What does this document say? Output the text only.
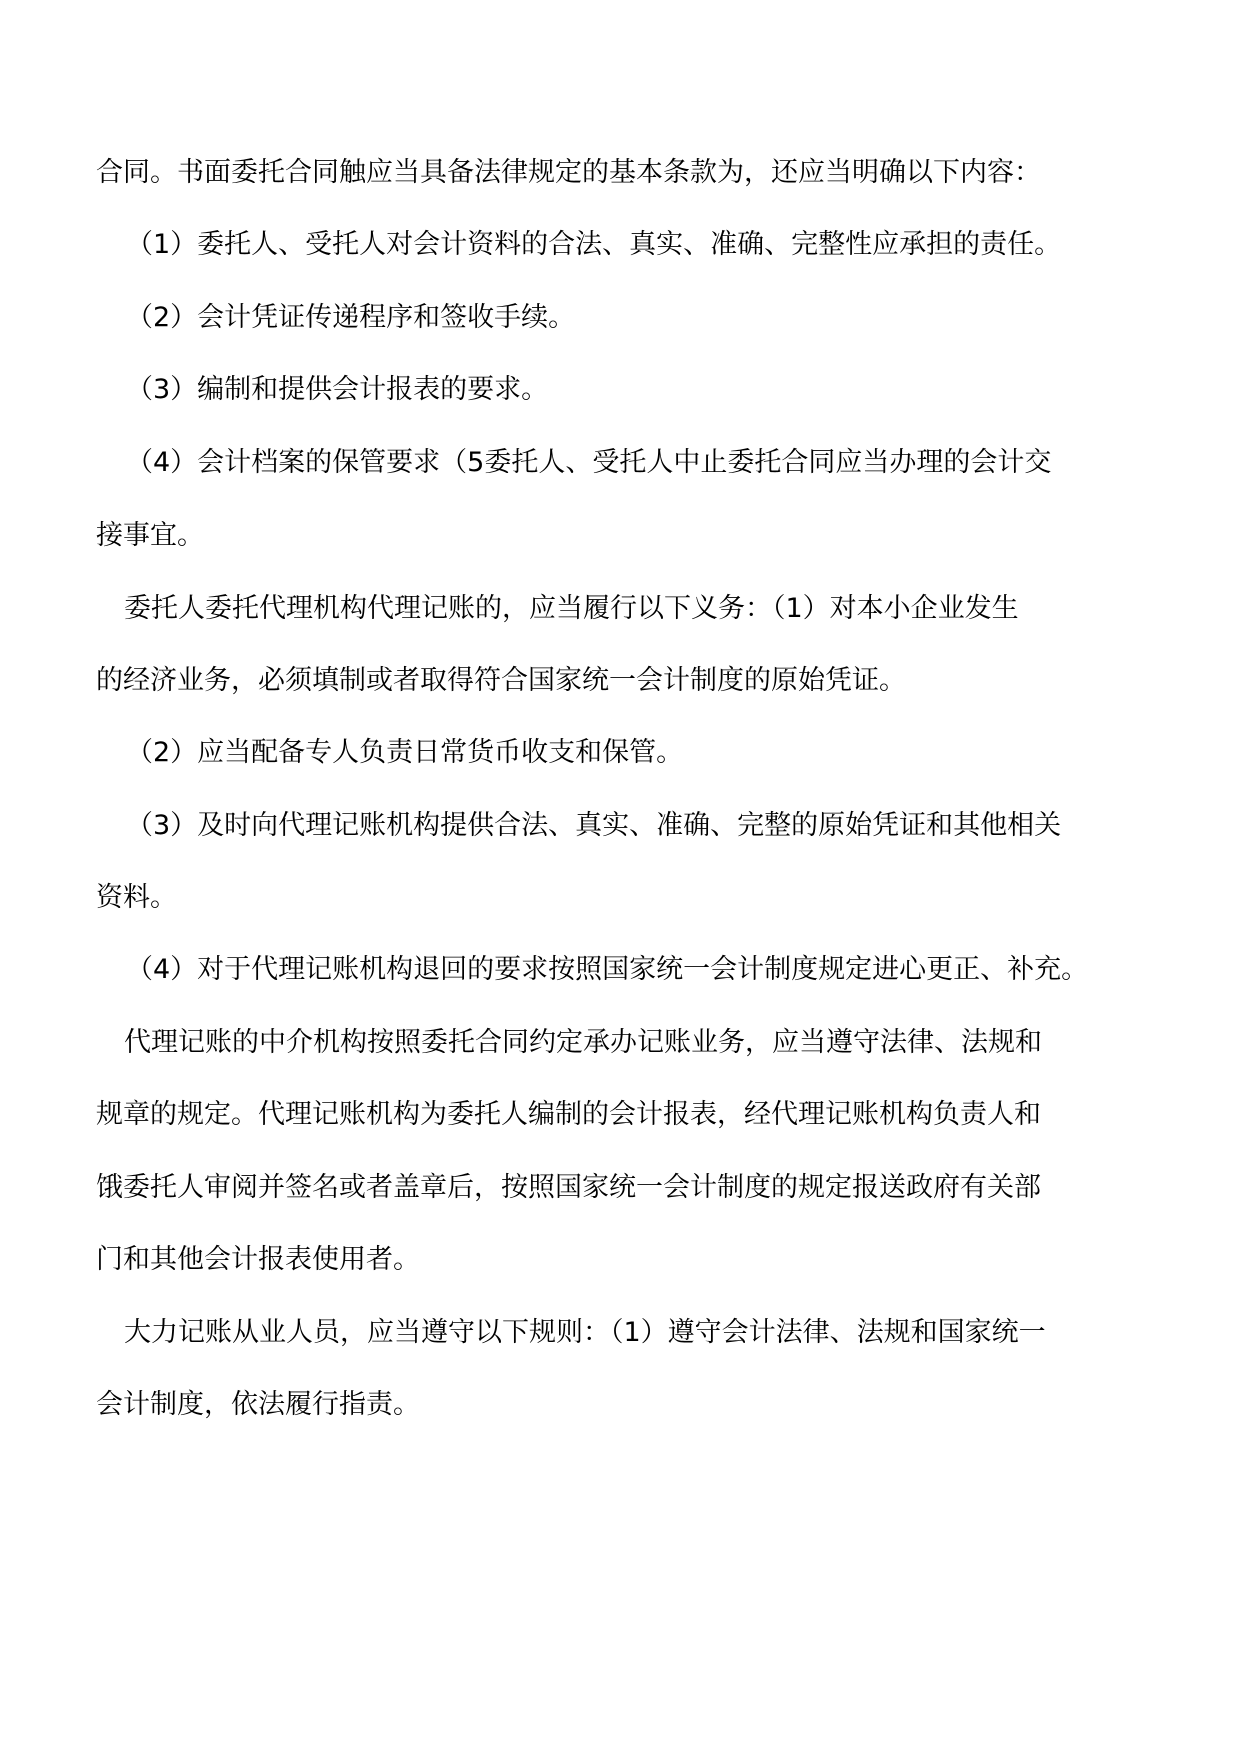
合同。书面委托合同触应当具备法律规定的基本条款为，还应当明确以下内容：

（1）委托人、受托人对会计资料的合法、真实、准确、完整性应承担的责任。

（2）会计凭证传递程序和签收手续。

（3）编制和提供会计报表的要求。

（4）会计档案的保管要求（5委托人、受托人中止委托合同应当办理的会计交

接事宜。

委托人委托代理机构代理记账的，应当履行以下义务：（1）对本小企业发生

的经济业务，必须填制或者取得符合国家统一会计制度的原始凭证。

（2）应当配备专人负责日常货币收支和保管。

（3）及时向代理记账机构提供合法、真实、准确、完整的原始凭证和其他相关

资料。

（4）对于代理记账机构退回的要求按照国家统一会计制度规定进心更正、补充。

代理记账的中介机构按照委托合同约定承办记账业务，应当遵守法律、法规和

规章的规定。代理记账机构为委托人编制的会计报表，经代理记账机构负责人和

饿委托人审阅并签名或者盖章后，按照国家统一会计制度的规定报送政府有关部

门和其他会计报表使用者。

大力记账从业人员，应当遵守以下规则：（1）遵守会计法律、法规和国家统一

会计制度，依法履行指责。
